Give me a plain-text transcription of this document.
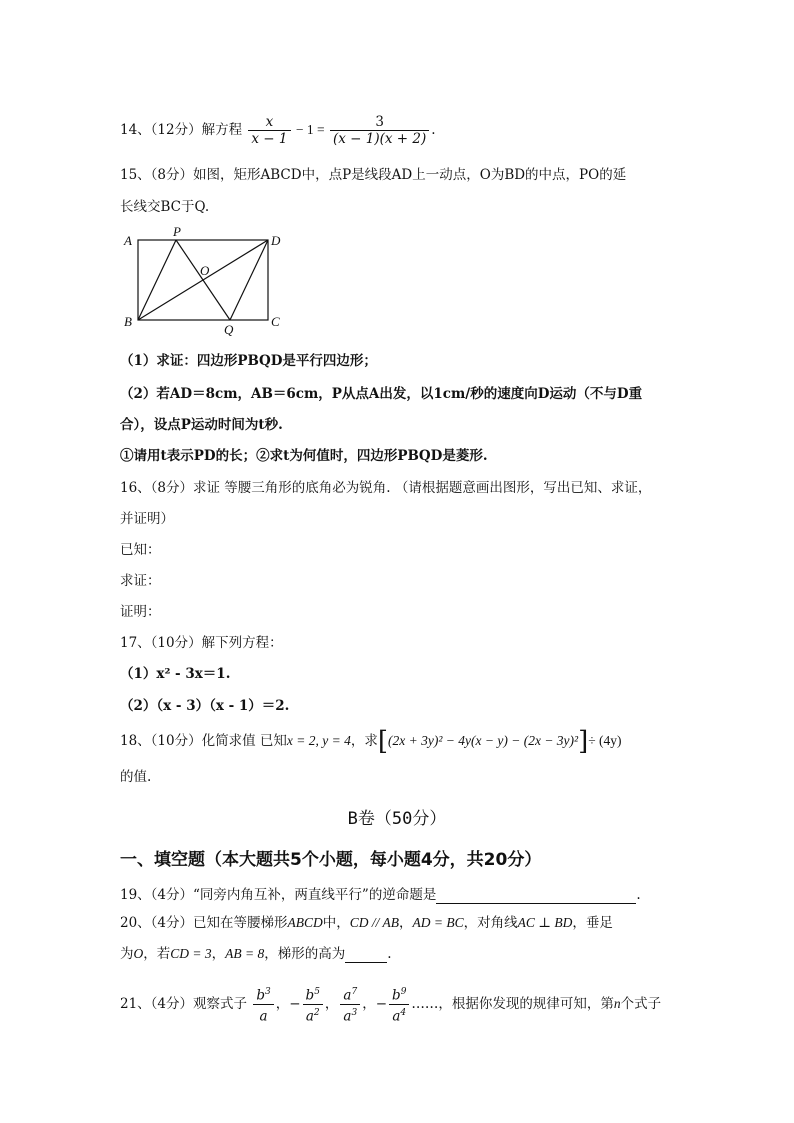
14、（12分）解方程 $\frac{x}{x - 1} - 1 = \frac{3}{(x - 1)(x + 2)}$ .
15、（8分）如图，矩形ABCD中，点P是线段AD上一动点，O为BD的中点，PO的延
长线交BC于Q.
A
P
D
O
B
Q
C
（1）求证：四边形PBQD是平行四边形；
（2）若AD＝8cm，AB＝6cm，P从点A出发，以1cm/秒的速度向D运动（不与D重
合），设点P运动时间为t秒.
①请用t表示PD的长；②求t为何值时，四边形PBQD是菱形.
16、（8分）求证 等腰三角形的底角必为锐角. （请根据题意画出图形，写出已知、求证，
并证明）
已知：
求证：
证明：
17、（10分）解下列方程：
（1）x² - 3x＝1.
（2）（x - 3）（x - 1）＝2.
18、（10分）化简求值 已知x = 2, y = 4，求[(2x + 3y)² − 4y(x − y) − (2x − 3y)²]÷ (4y)
的值.
B卷（50分）
一、填空题（本大题共5个小题，每小题4分，共20分）
19、（4分）“同旁内角互补，两直线平行”的逆命题是	.
20、（4分）已知在等腰梯形ABCD中，CD // AB，AD = BC，对角线AC ⊥ BD，垂足
为O，若CD = 3，AB = 8，梯形的高为	.
21、（4分）观察式子 $\frac{b^3}{a}$ ，− $\frac{b^5}{a^2}$ ， $\frac{a^7}{a^3}$ ，− $\frac{b^9}{a^4}$ ……，根据你发现的规律可知，第n个式子
